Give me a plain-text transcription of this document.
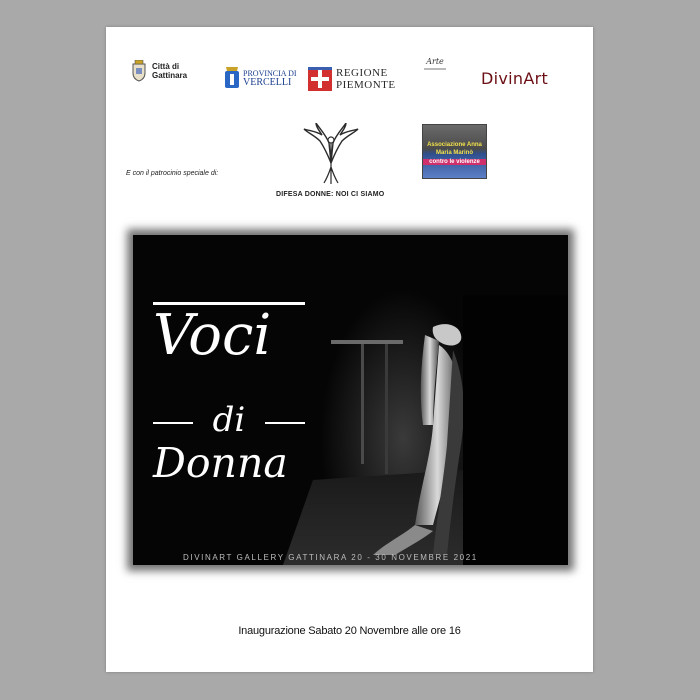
Città di
Gattinara	PROVINCIA DI
VERCELLI
REGIONE
PIEMONTE
Arte
DivinArt
E con il patrocinio speciale di:
DIFESA DONNE: NOI CI SIAMO
Associazione Anna
Maria Marinò
contro le violenze
Voci
di
Donna
DIVINART GALLERY GATTINARA 20 - 30 NOVEMBRE 2021
Inaugurazione Sabato 20 Novembre alle ore 16
